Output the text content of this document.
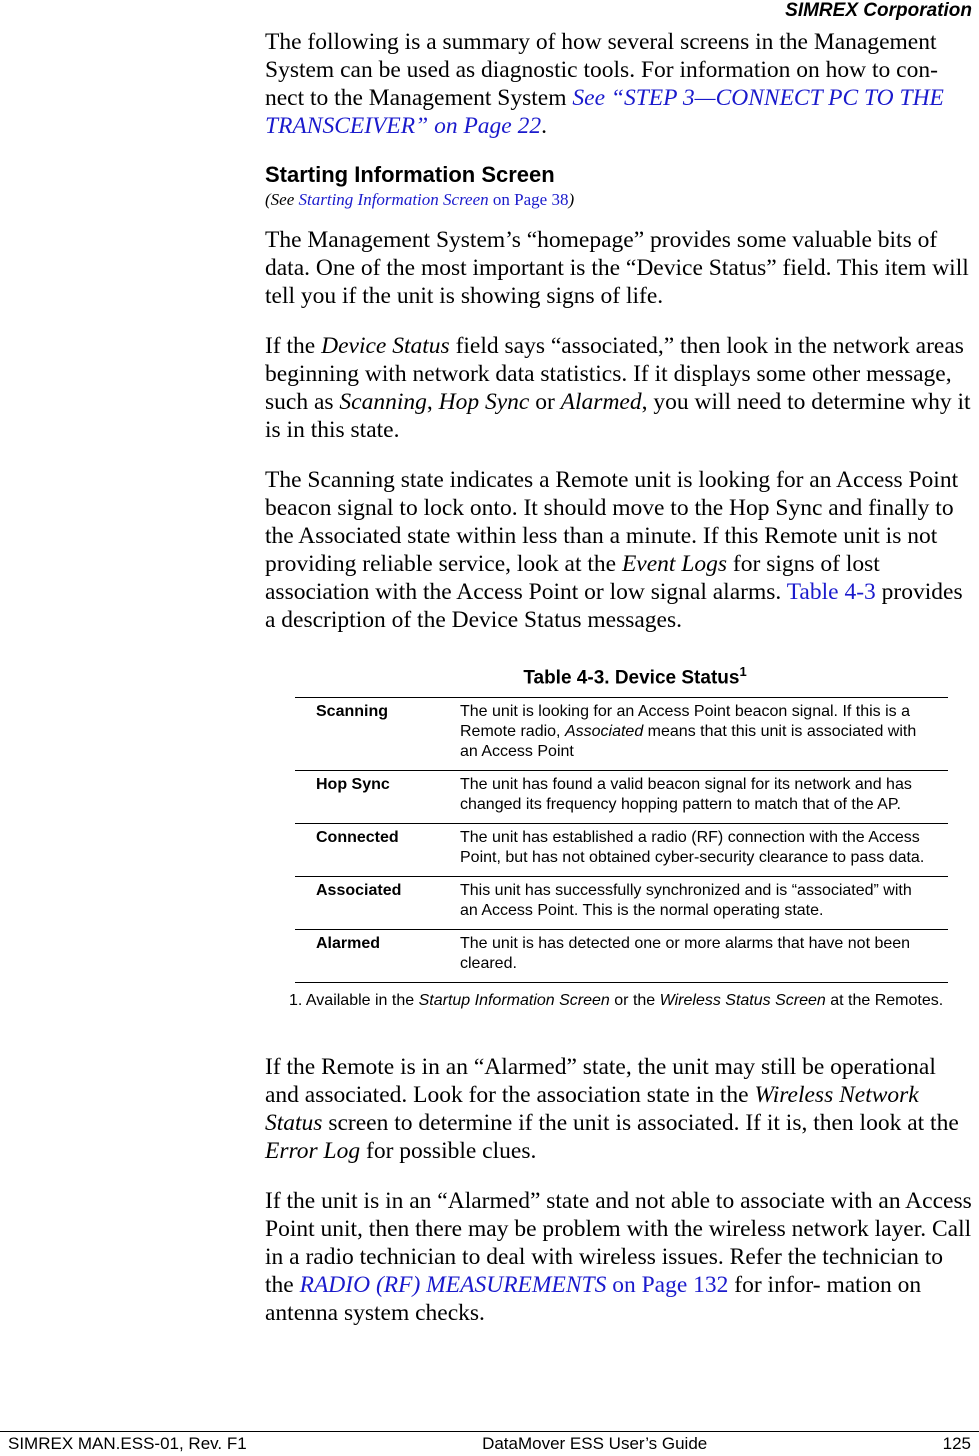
SIMREX Corporation

The following is a summary of how several screens in the Management System can be used as diagnostic tools. For information on how to con- nect to the Management System See “STEP 3—CONNECT PC TO THE TRANSCEIVER” on Page 22.

Starting Information Screen
(See Starting Information Screen on Page 38)

The Management System’s “homepage” provides some valuable bits of data. One of the most important is the “Device Status” field. This item will tell you if the unit is showing signs of life.

If the Device Status field says “associated,” then look in the network areas beginning with network data statistics. If it displays some other message, such as Scanning, Hop Sync or Alarmed, you will need to determine why it is in this state.

The Scanning state indicates a Remote unit is looking for an Access Point beacon signal to lock onto. It should move to the Hop Sync and finally to the Associated state within less than a minute. If this Remote unit is not providing reliable service, look at the Event Logs for signs of lost association with the Access Point or low signal alarms. Table 4-3 provides a description of the Device Status messages.

Table 4-3. Device Status$^1$
Scanning	The unit is looking for an Access Point beacon signal. If this is a Remote radio, Associated means that this unit is associated with an Access Point
Hop Sync	The unit has found a valid beacon signal for its network and has changed its frequency hopping pattern to match that of the AP.
Connected	The unit has established a radio (RF) connection with the Access Point, but has not obtained cyber-security clearance to pass data.
Associated	This unit has successfully synchronized and is “associated” with an Access Point. This is the normal operating state.
Alarmed	The unit is has detected one or more alarms that have not been cleared.
1. Available in the Startup Information Screen or the Wireless Status Screen at the Remotes.

If the Remote is in an “Alarmed” state, the unit may still be operational and associated. Look for the association state in the Wireless Network Status screen to determine if the unit is associated. If it is, then look at the Error Log for possible clues.

If the unit is in an “Alarmed” state and not able to associate with an Access Point unit, then there may be problem with the wireless network layer. Call in a radio technician to deal with wireless issues. Refer the technician to the RADIO (RF) MEASUREMENTS on Page 132 for infor- mation on antenna system checks.

SIMREX MAN.ESS-01, Rev. F1	DataMover ESS User’s Guide	125
